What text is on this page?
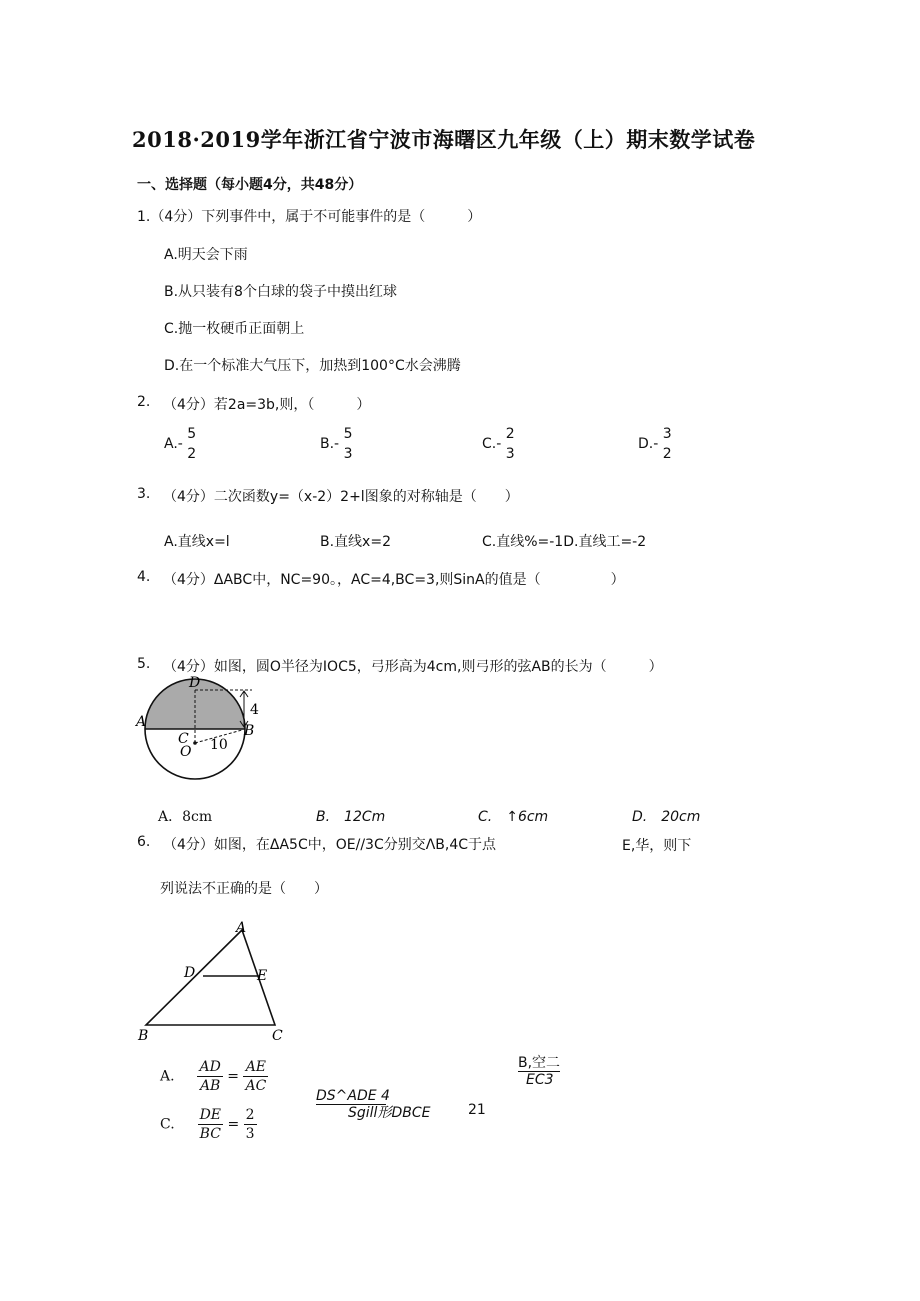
2018·2019学年浙江省宁波市海曙区九年级（上）期末数学试卷
一、选择题（每小题4分，共48分）
1.（4分）下列事件中，属于不可能事件的是（　　　）
A.明天会下雨
B.从只装有8个白球的袋子中摸出红球
C.抛一枚硬币正面朝上
D.在一个标准大气压下，加热到100°C水会沸腾
2. （4分）若2a=3b,则，（　　　）
A.-
5
2
B.-
5
3
C.-
2
3
D.-
3
2
3. （4分）二次函数y=（x-2）2+l图象的对称轴是（　　）
A.直线x=l	B.直线x=2	C.直线%=-1D.直线工=-2
4. （4分）ΔABC中，NC=90。，AC=4,BC=3,则SinA的值是（　　　　　）
5. （4分）如图，圆O半径为IOC5，弓形高为4cm,则弓形的弦AB的长为（　　　）
D
A
B
C
O
4
10
A．8cm	B.　12Cm	C.　↑6cm	D.　20cm
6. （4分）如图，在ΔA5C中，OE//3C分别交ΛB,4C于点	E,华，则下
列说法不正确的是（　　）
A
D	E
B	C
A. $\frac{AD}{AB} = \frac{AE}{AC}$	B,空二
EC3
DS^ADE 4
Sgill形DBCE	21
C. $\frac{DE}{BC} = \frac{2}{3}$
